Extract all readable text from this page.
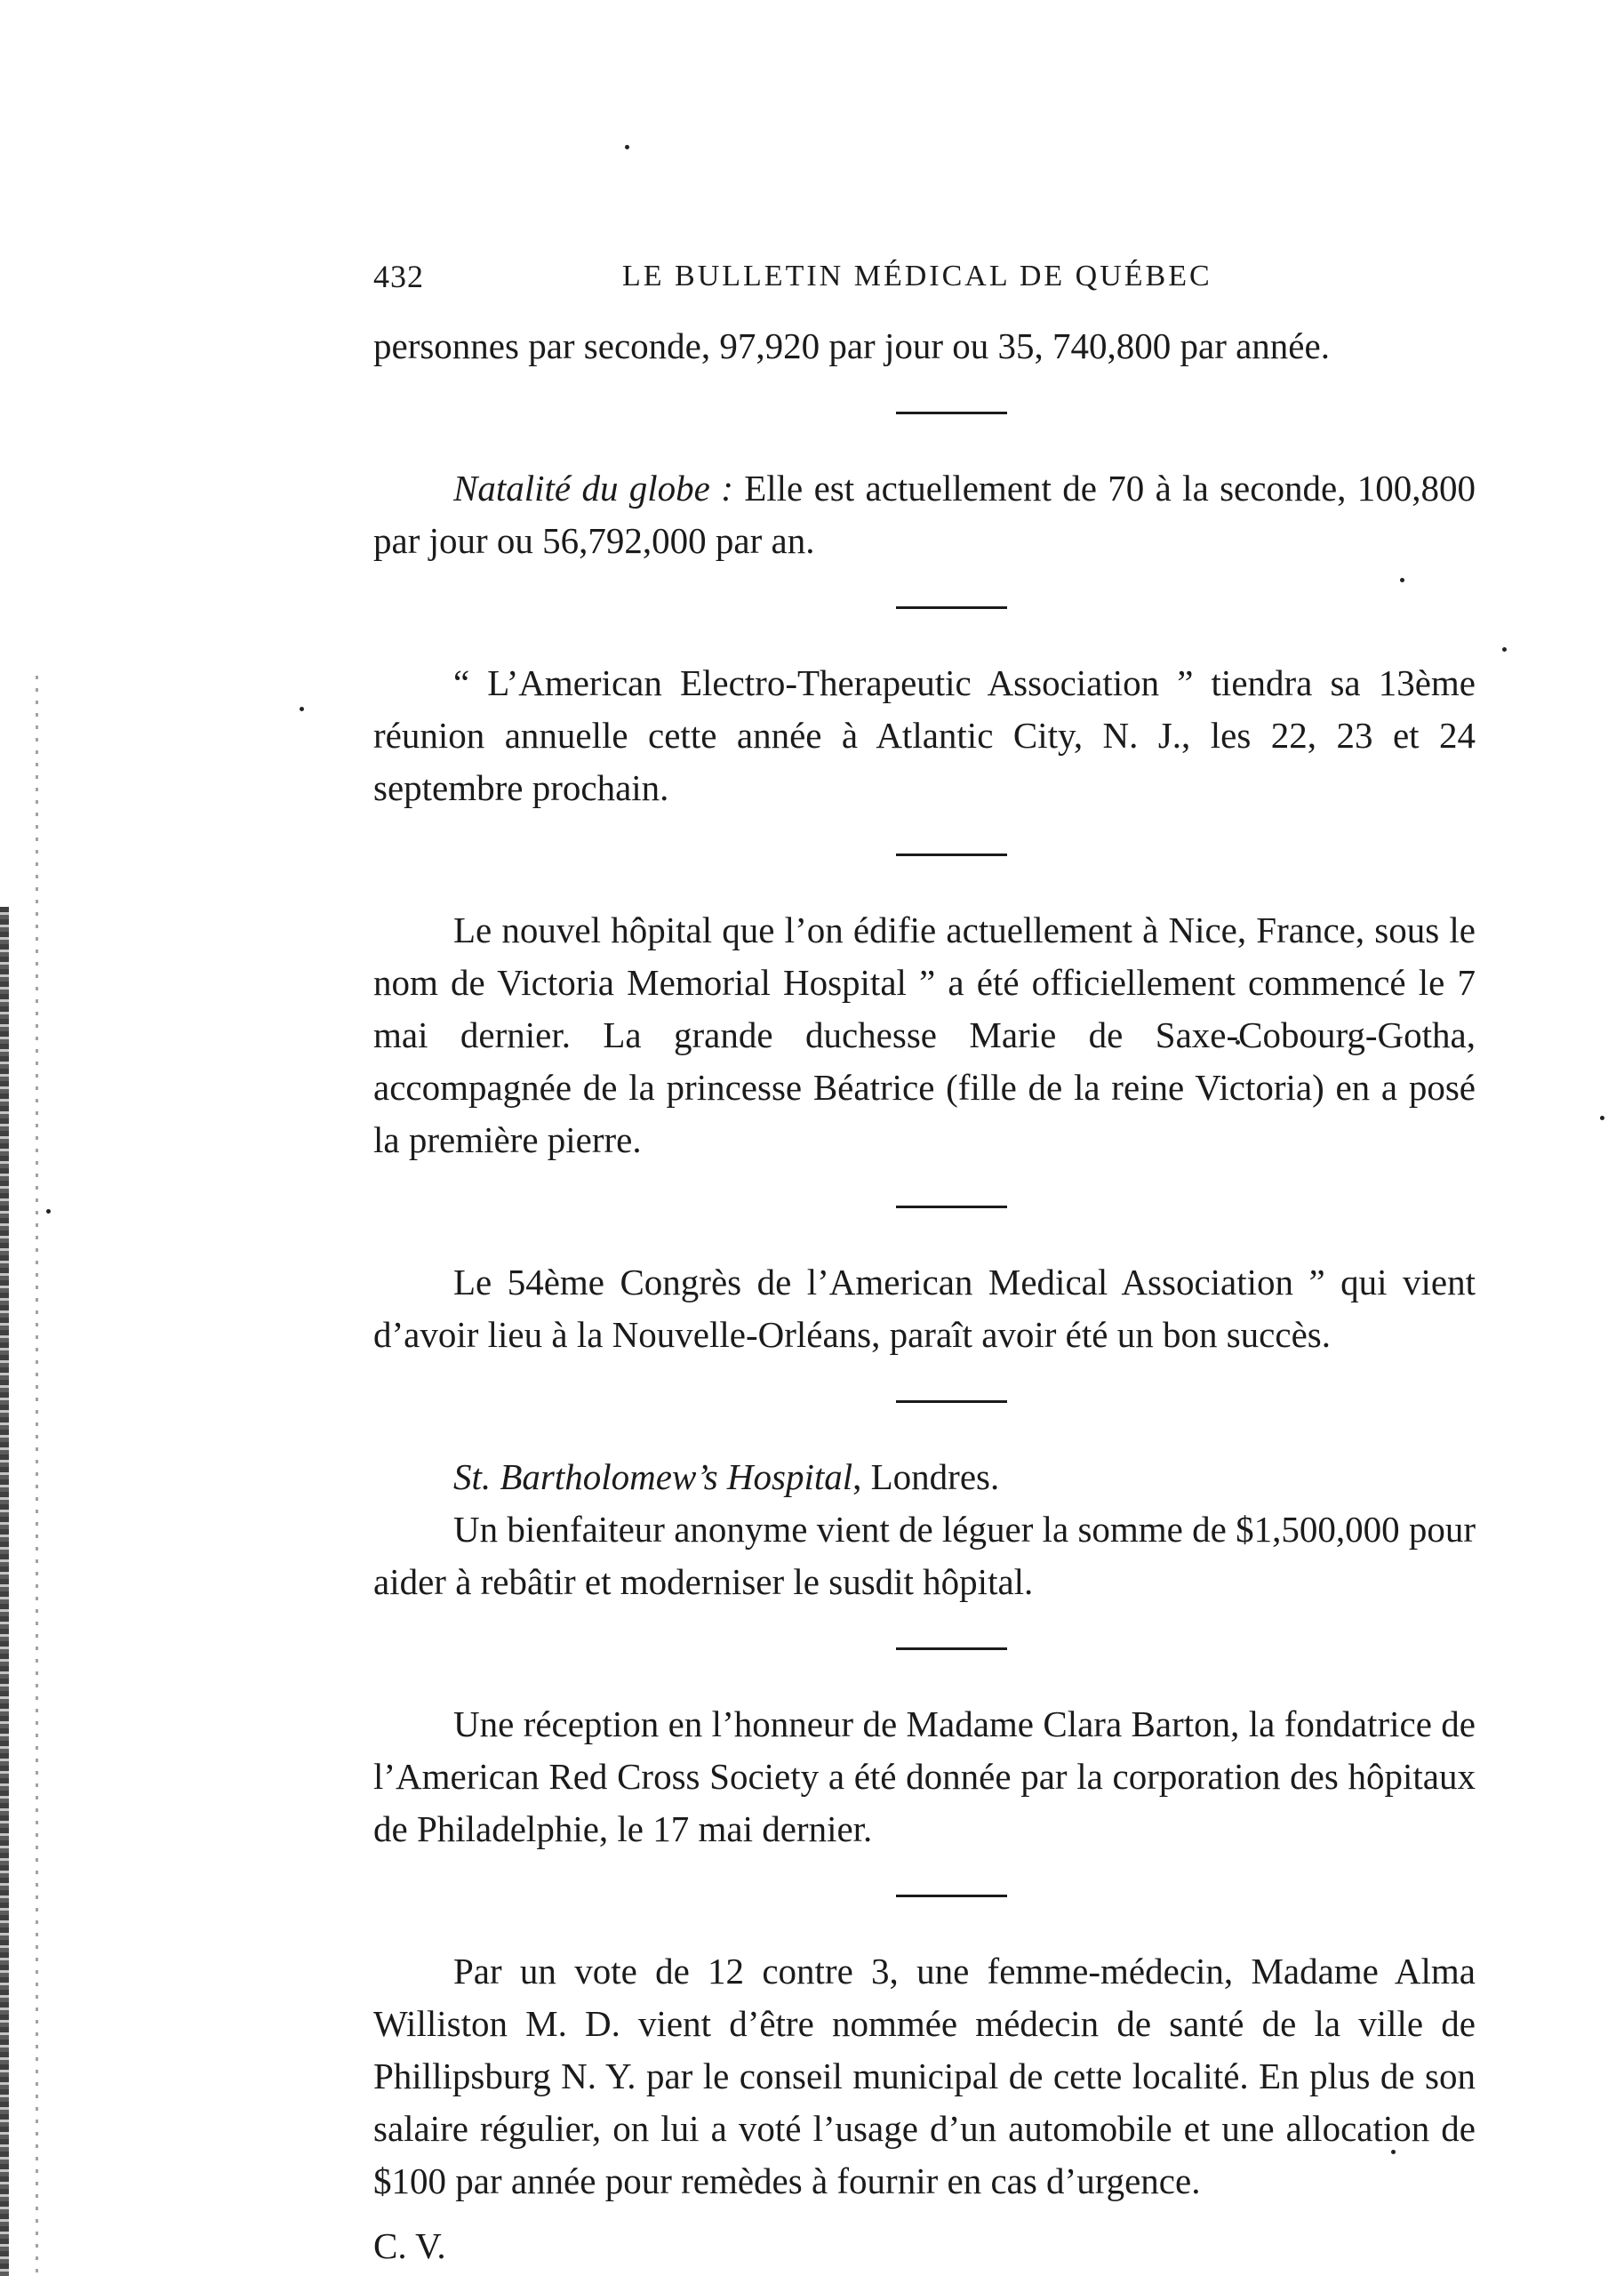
432	LE BULLETIN MÉDICAL DE QUÉBEC

personnes par seconde, 97,920 par jour ou 35, 740,800 par année.

Natalité du globe : Elle est actuellement de 70 à la seconde, 100,800 par jour ou 56,792,000 par an.

“ L’American Electro-Therapeutic Association ” tiendra sa 13ème réunion annuelle cette année à Atlantic City, N. J., les 22, 23 et 24 septembre prochain.

Le nouvel hôpital que l’on édifie actuellement à Nice, France, sous le nom de Victoria Memorial Hospital ” a été officiellement commencé le 7 mai dernier. La grande duchesse Marie de Saxe-Cobourg-Gotha, accompagnée de la princesse Béatrice (fille de la reine Victoria) en a posé la première pierre.

Le 54ème Congrès de l’American Medical Association ” qui vient d’avoir lieu à la Nouvelle-Orléans, paraît avoir été un bon succès.

St. Bartholomew’s Hospital, Londres.

Un bienfaiteur anonyme vient de léguer la somme de $1,500,000 pour aider à rebâtir et moderniser le susdit hôpital.

Une réception en l’honneur de Madame Clara Barton, la fondatrice de l’American Red Cross Society a été donnée par la corporation des hôpitaux de Philadelphie, le 17 mai dernier.

Par un vote de 12 contre 3, une femme-médecin, Madame Alma Williston M. D. vient d’être nommée médecin de santé de la ville de Phillipsburg N. Y. par le conseil municipal de cette localité. En plus de son salaire régulier, on lui a voté l’usage d’un automobile et une allocation de $100 par année pour remèdes à fournir en cas d’urgence.

C. V.
